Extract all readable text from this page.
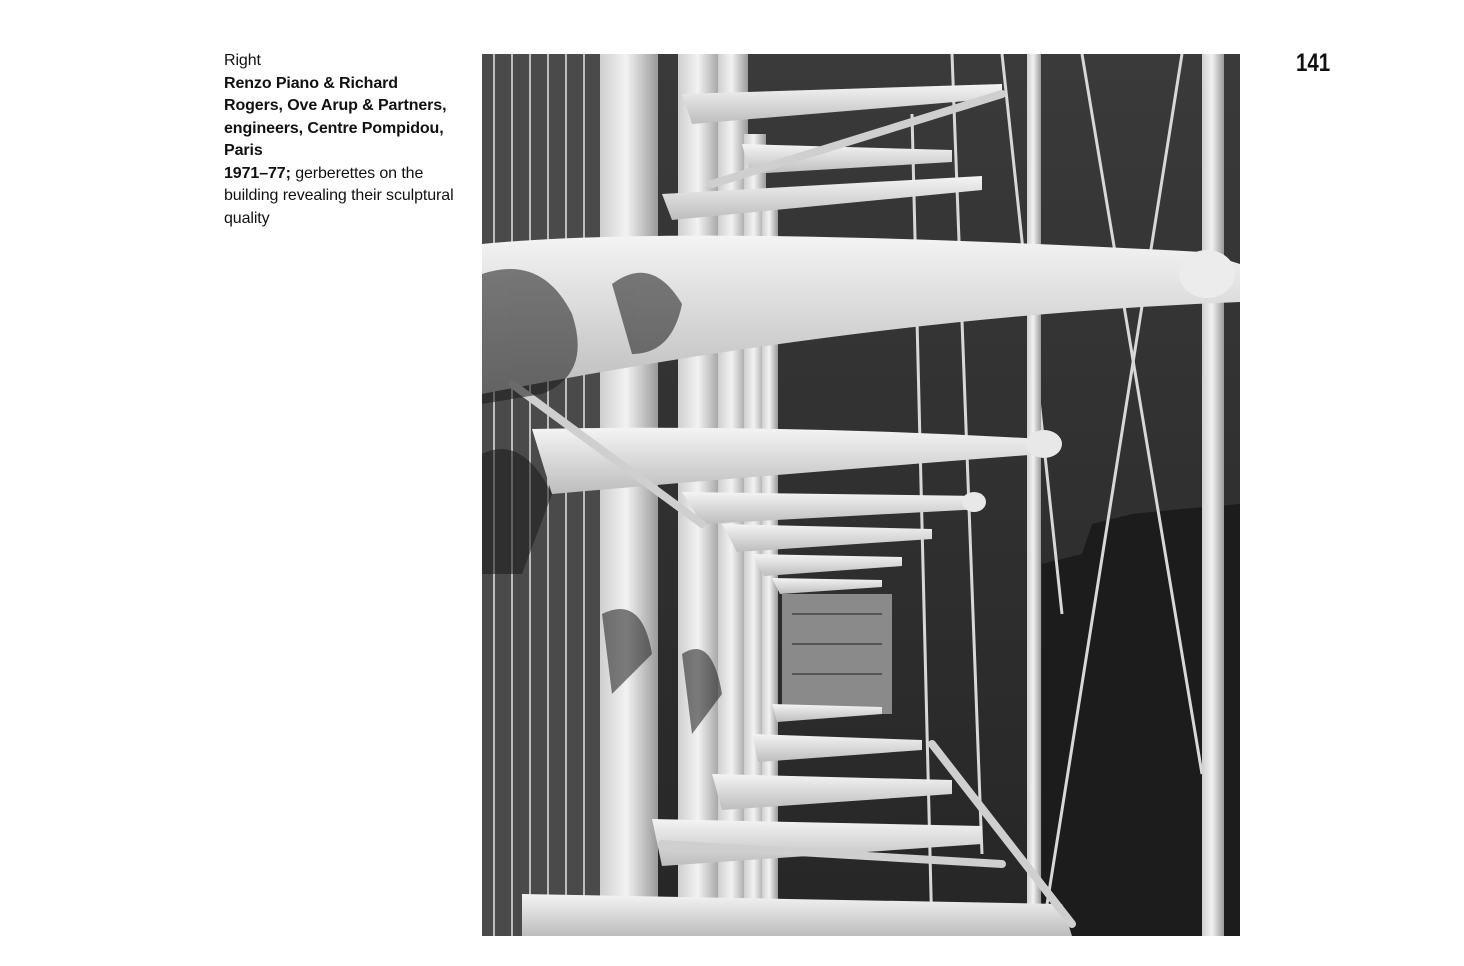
Right
Renzo Piano & Richard Rogers, Ove Arup & Partners, engineers, Centre Pompidou, Paris
1971–77; gerberettes on the building revealing their sculptural quality
141
